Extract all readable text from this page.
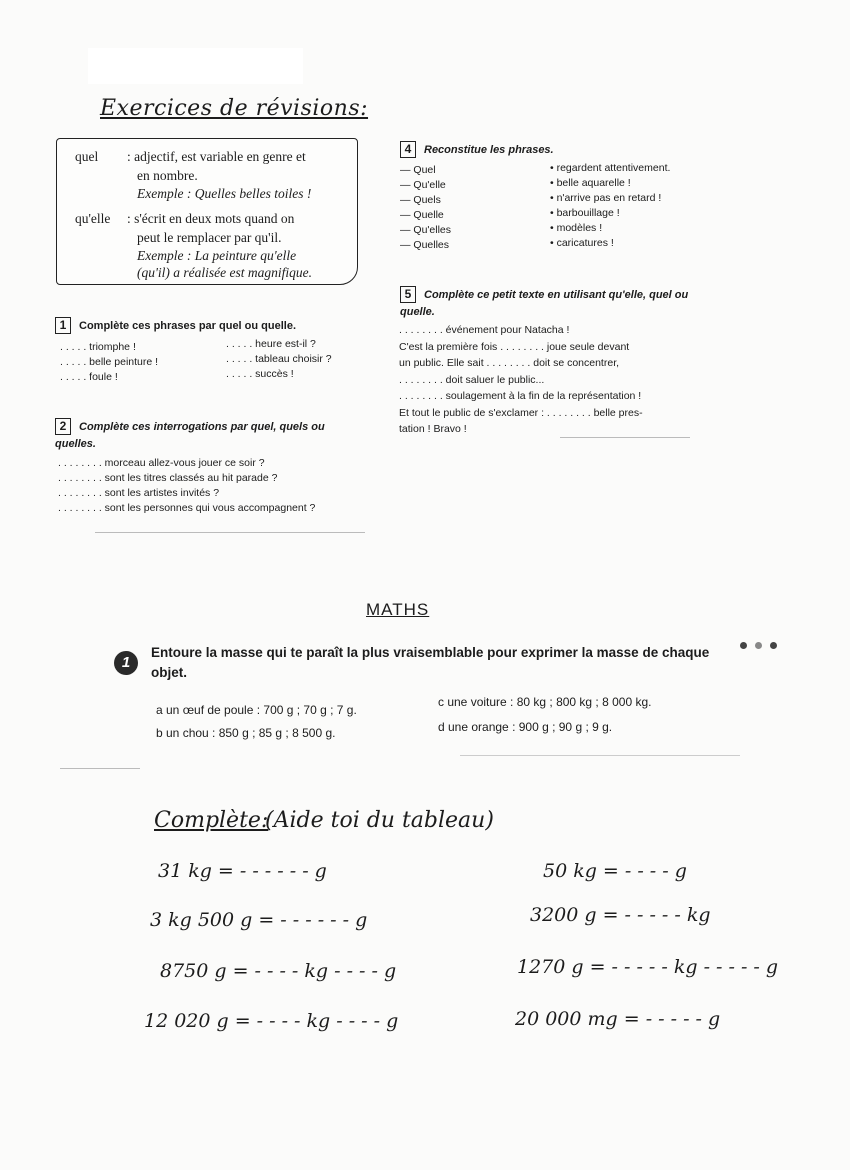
Exercices de révisions:
quel : adjectif, est variable en genre et
en nombre.
Exemple : Quelles belles toiles !
qu'elle : s'écrit en deux mots quand on
peut le remplacer par qu'il.
Exemple : La peinture qu'elle
(qu'il) a réalisée est magnifique.
1 Complète ces phrases par quel ou quelle.
. . . . . triomphe !
. . . . . belle peinture !
. . . . . foule !
. . . . . heure est-il ?
. . . . . tableau choisir ?
. . . . . succès !
2 Complète ces interrogations par quel, quels ou quelles.
. . . . . . . . morceau allez-vous jouer ce soir ?
. . . . . . . . sont les titres classés au hit parade ?
. . . . . . . . sont les artistes invités ?
. . . . . . . . sont les personnes qui vous accompagnent ?
4 Reconstitue les phrases.
— Quel
— Qu'elle
— Quels
— Quelle
— Qu'elles
— Quelles
• regardent attentivement.
• belle aquarelle !
• n'arrive pas en retard !
• barbouillage !
• modèles !
• caricatures !
5 Complète ce petit texte en utilisant qu'elle, quel ou quelle.
. . . . . . . . événement pour Natacha !
C'est la première fois . . . . . . . . joue seule devant
un public. Elle sait . . . . . . . . doit se concentrer,
. . . . . . . . doit saluer le public...
. . . . . . . . soulagement à la fin de la représentation !
Et tout le public de s'exclamer : . . . . . . . . belle pres-
tation ! Bravo !
MATHS
1
Entoure la masse qui te paraît la plus vraisemblable pour exprimer la masse de chaque objet.
a un œuf de poule : 700 g ; 70 g ; 7 g.
b un chou : 850 g ; 85 g ; 8 500 g.
c une voiture : 80 kg ; 800 kg ; 8 000 kg.
d une orange : 900 g ; 90 g ; 9 g.
Complète:
(Aide toi du tableau)
31 kg = - - - - - - g
3 kg 500 g = - - - - - - g
8750 g = - - - - kg - - - - g
12 020 g = - - - - kg - - - - g
50 kg = - - - - g
3200 g = - - - - - kg
1270 g = - - - - - kg - - - - - g
20 000 mg = - - - - - g
